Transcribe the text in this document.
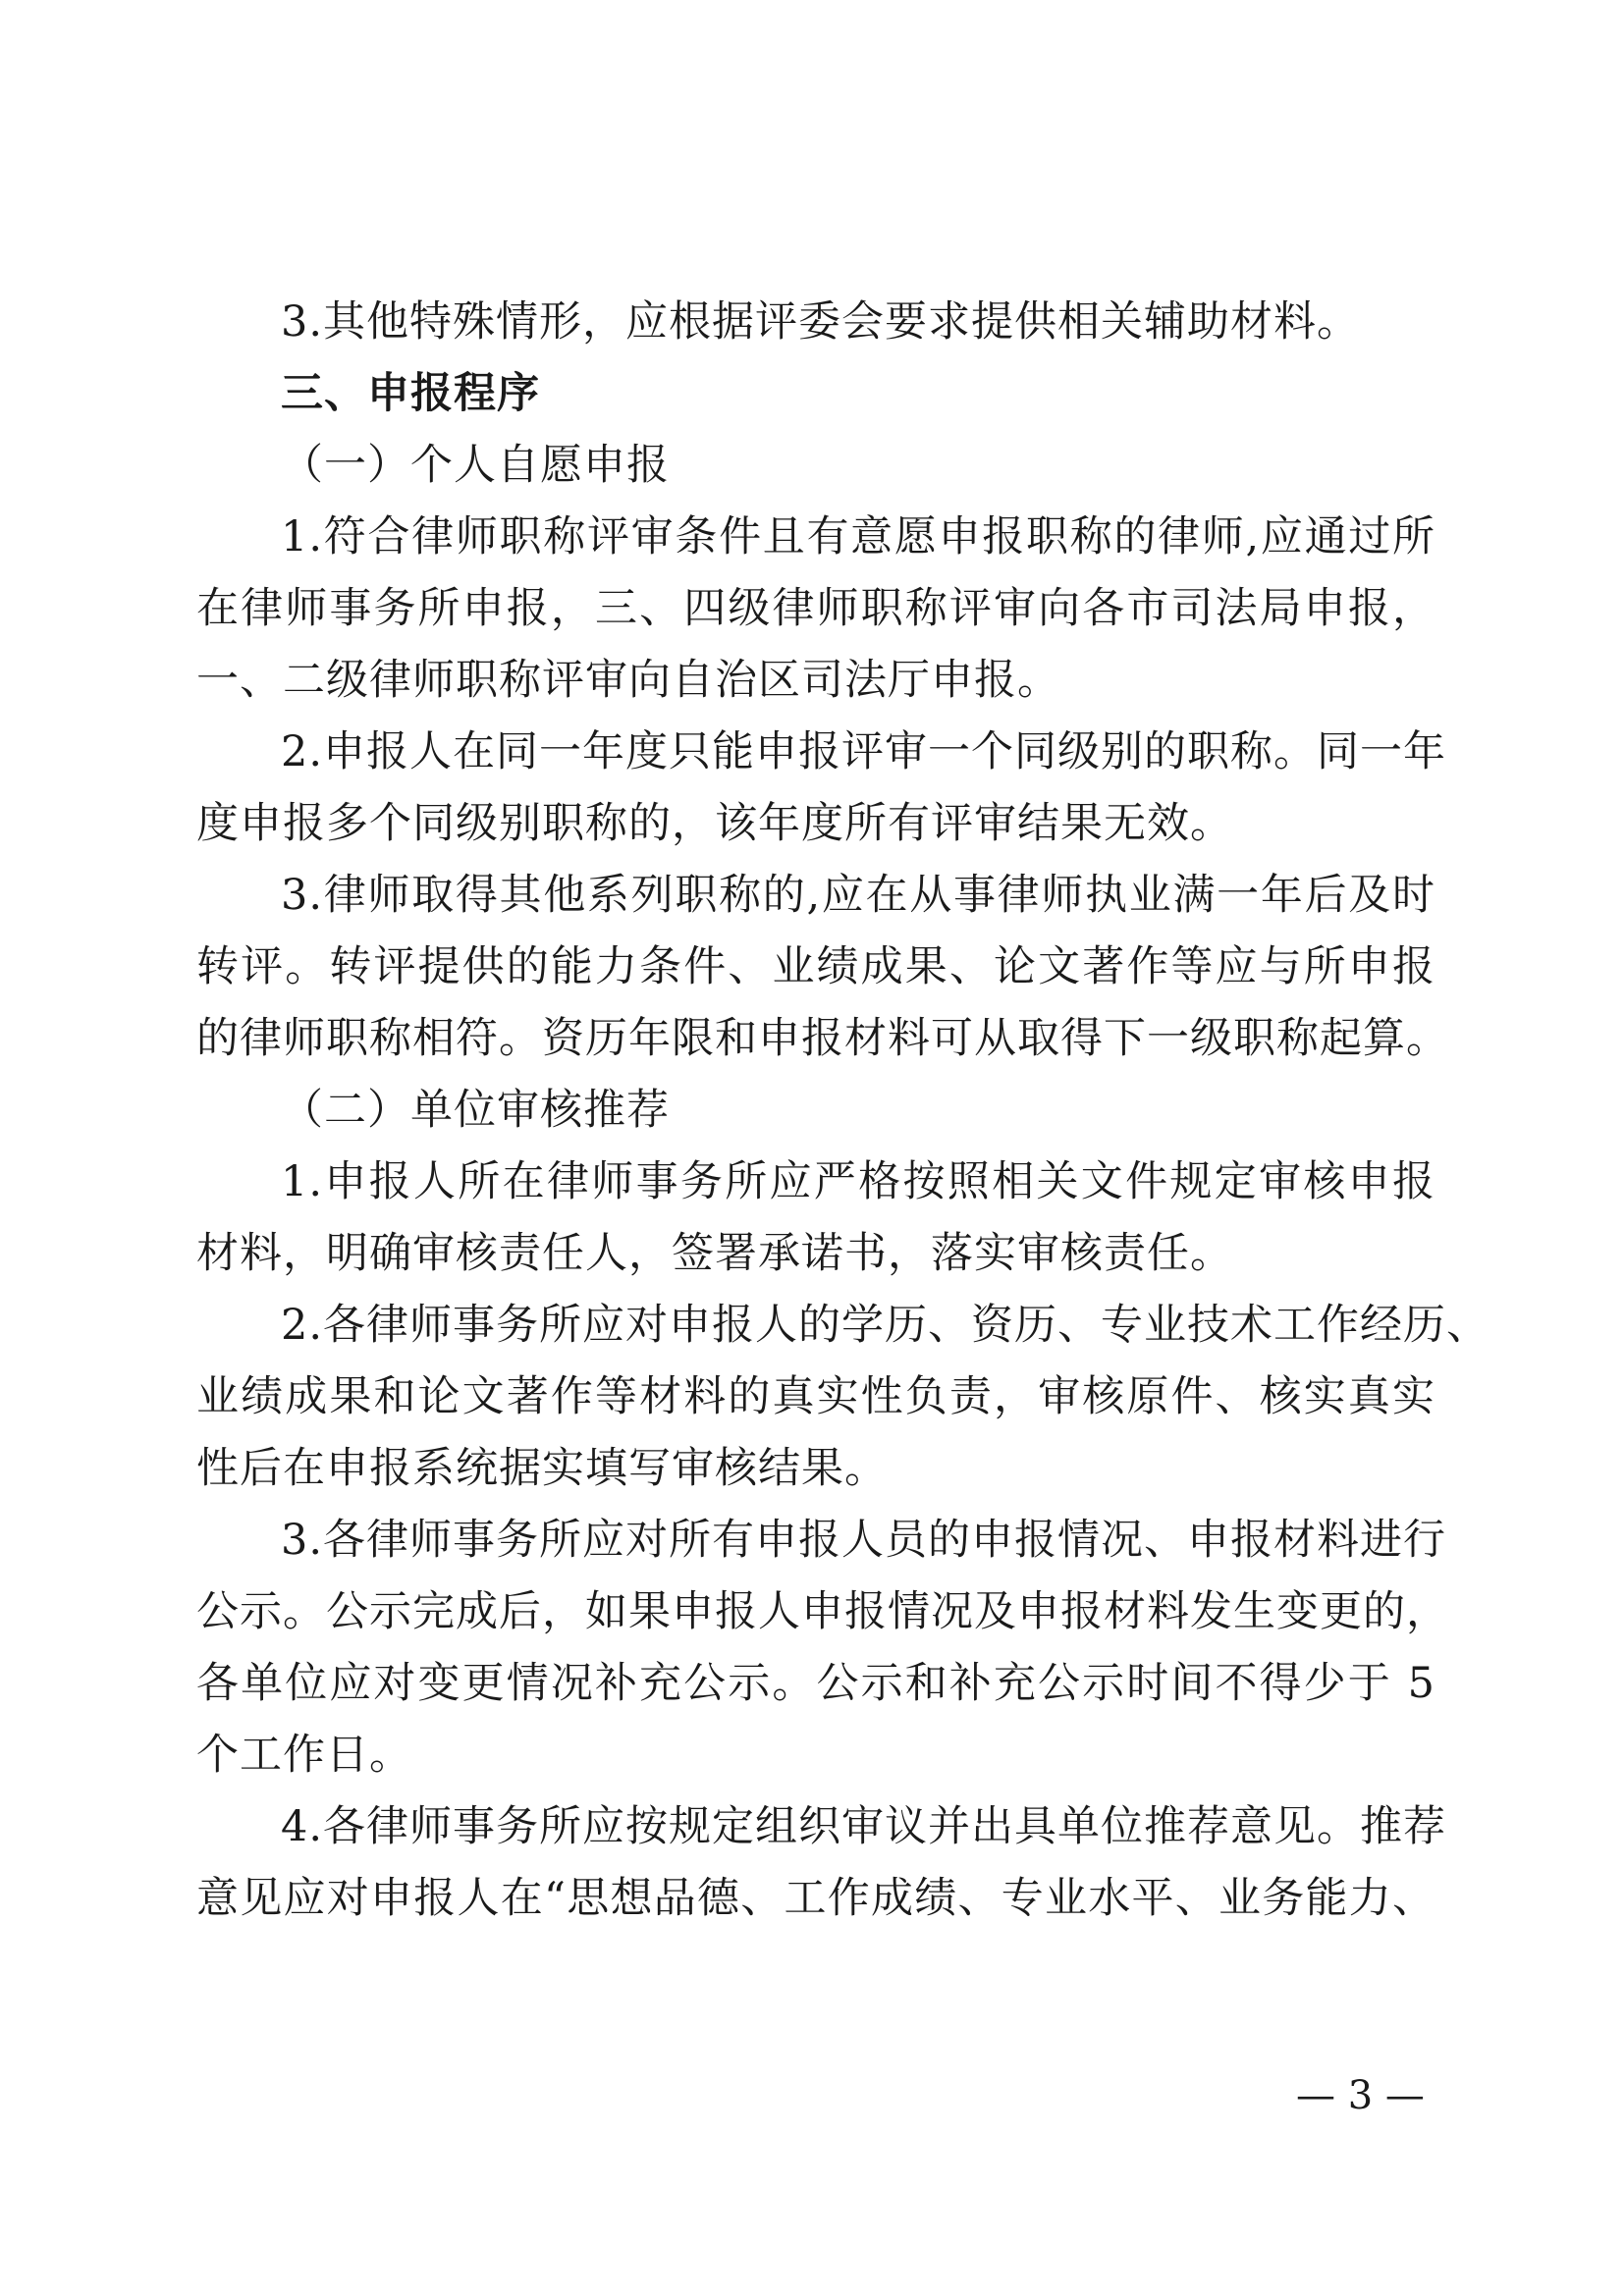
3.其他特殊情形，应根据评委会要求提供相关辅助材料。
三、申报程序
（一）个人自愿申报
1.符合律师职称评审条件且有意愿申报职称的律师,应通过所
在律师事务所申报，三、四级律师职称评审向各市司法局申报，
一、二级律师职称评审向自治区司法厅申报。
2.申报人在同一年度只能申报评审一个同级别的职称。同一年
度申报多个同级别职称的，该年度所有评审结果无效。
3.律师取得其他系列职称的,应在从事律师执业满一年后及时
转评。转评提供的能力条件、业绩成果、论文著作等应与所申报
的律师职称相符。资历年限和申报材料可从取得下一级职称起算。
（二）单位审核推荐
1.申报人所在律师事务所应严格按照相关文件规定审核申报
材料，明确审核责任人，签署承诺书，落实审核责任。
2.各律师事务所应对申报人的学历、资历、专业技术工作经历、
业绩成果和论文著作等材料的真实性负责，审核原件、核实真实
性后在申报系统据实填写审核结果。
3.各律师事务所应对所有申报人员的申报情况、申报材料进行
公示。公示完成后，如果申报人申报情况及申报材料发生变更的，
各单位应对变更情况补充公示。公示和补充公示时间不得少于 5
个工作日。
4.各律师事务所应按规定组织审议并出具单位推荐意见。推荐
意见应对申报人在“思想品德、工作成绩、专业水平、业务能力、
— 3 —
